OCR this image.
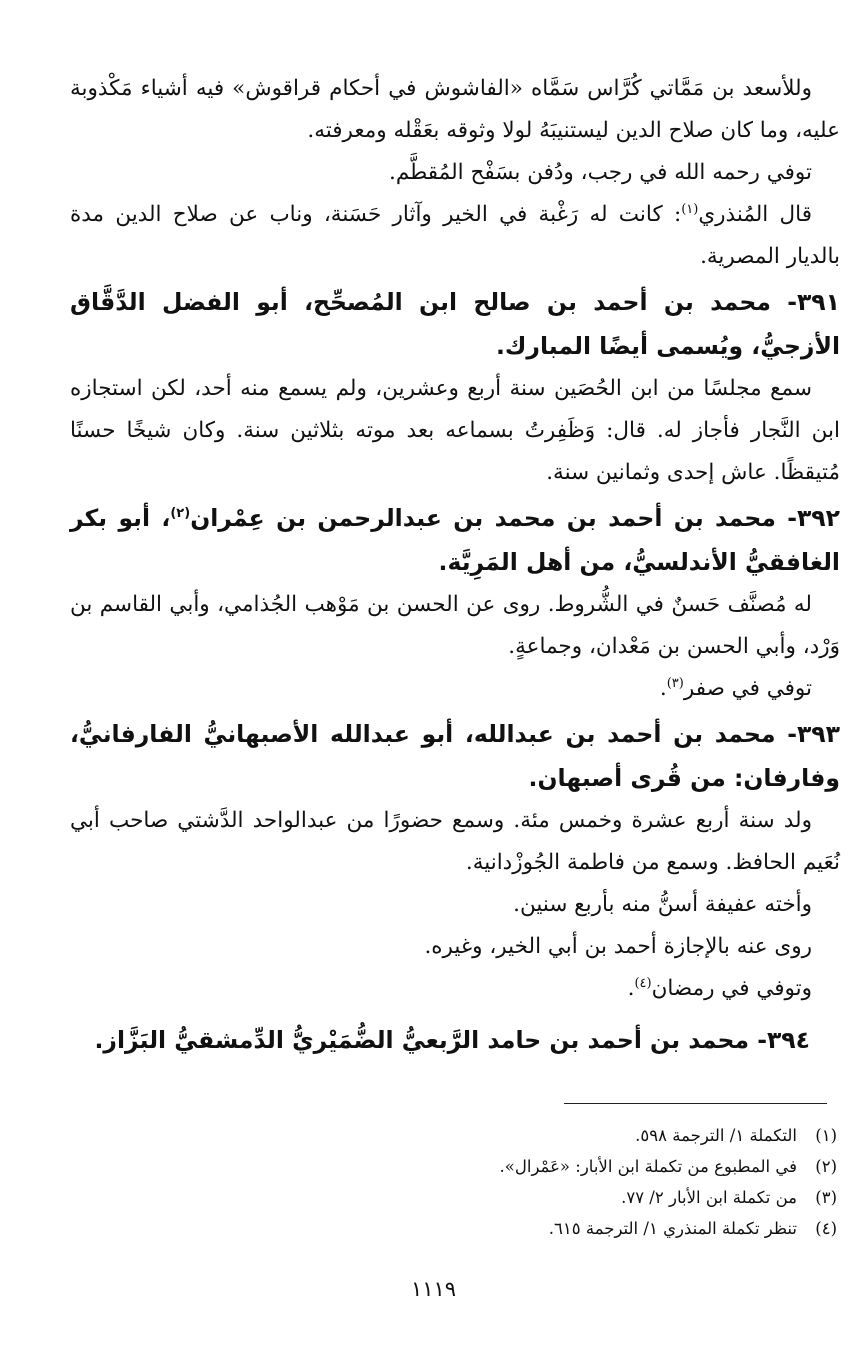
وللأسعد بن مَمَّاتي كُرَّاس سَمَّاه «الفاشوش في أحكام قراقوش» فيه أشياء مَكْذوبة عليه، وما كان صلاح الدين ليستنيبَهُ لولا وثوقه بعَقْله ومعرفته.

توفي رحمه الله في رجب، ودُفن بسَفْح المُقطَّم.

قال المُنذري$^{(١)}$: كانت له رَغْبة في الخير وآثار حَسَنة، وناب عن صلاح الدين مدة بالديار المصرية.

٣٩١- محمد بن أحمد بن صالح ابن المُصحِّح، أبو الفضل الدَّقَّاق الأزجيُّ، ويُسمى أيضًا المبارك.

سمع مجلسًا من ابن الحُصَين سنة أربع وعشرين، ولم يسمع منه أحد، لكن استجازه ابن النَّجار فأجاز له. قال: وَظَفِرتُ بسماعه بعد موته بثلاثين سنة. وكان شيخًا حسنًا مُتيقظًا. عاش إحدى وثمانين سنة.

٣٩٢- محمد بن أحمد بن محمد بن عبدالرحمن بن عِمْران$^{(٢)}$، أبو بكر الغافقيُّ الأندلسيُّ، من أهل المَرِيَّة.

له مُصنَّف حَسنٌ في الشُّروط. روى عن الحسن بن مَوْهب الجُذامي، وأبي القاسم بن وَرْد، وأبي الحسن بن مَعْدان، وجماعةٍ.

توفي في صفر$^{(٣)}$.

٣٩٣- محمد بن أحمد بن عبدالله، أبو عبدالله الأصبهانيُّ الفارفانيُّ، وفارفان: من قُرى أصبهان.

ولد سنة أربع عشرة وخمس مئة. وسمع حضورًا من عبدالواحد الدَّشتي صاحب أبي نُعَيم الحافظ. وسمع من فاطمة الجُوزْدانية.

وأخته عفيفة أسنُّ منه بأربع سنين.

روى عنه بالإجازة أحمد بن أبي الخير، وغيره.

وتوفي في رمضان$^{(٤)}$.

٣٩٤- محمد بن أحمد بن حامد الرَّبعيُّ الضُّمَيْريُّ الدِّمشقيُّ البَزَّاز.

(١)
التكملة ١/ الترجمة ٥٩٨.
(٢)
في المطبوع من تكملة ابن الأبار: «عَمْرال».
(٣)
من تكملة ابن الأبار ٢/ ٧٧.
(٤)
تنظر تكملة المنذري ١/ الترجمة ٦١٥.
١١١٩
